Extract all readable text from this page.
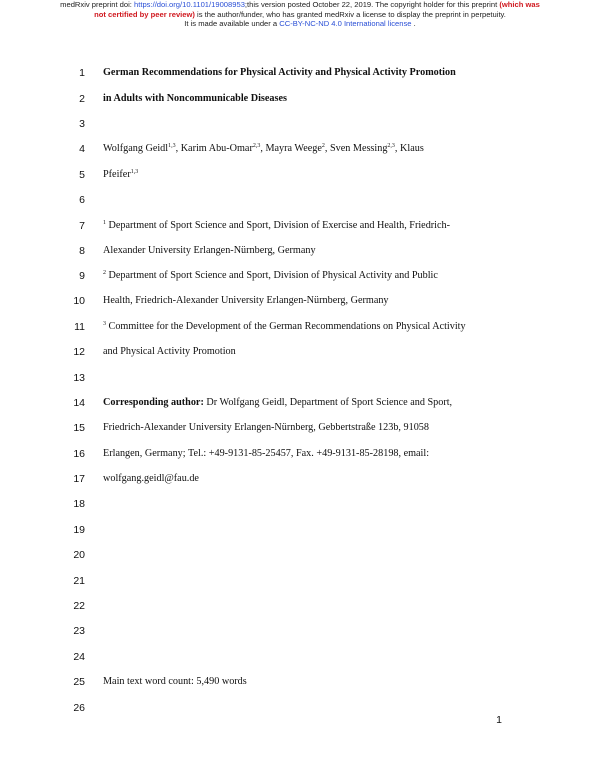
medRxiv preprint doi: https://doi.org/10.1101/19008953;this version posted October 22, 2019. The copyright holder for this preprint (which was
not certified by peer review) is the author/funder, who has granted medRxiv a license to display the preprint in perpetuity.
It is made available under a CC-BY-NC-ND 4.0 International license .
1 German Recommendations for Physical Activity and Physical Activity Promotion
2 in Adults with Noncommunicable Diseases
3
4 Wolfgang Geidl$^{1,3}$, Karim Abu-Omar$^{2,3}$, Mayra Weege$^2$, Sven Messing$^{2,3}$, Klaus
5 Pfeifer$^{1,3}$
6
7	$^1$ Department of Sport Science and Sport, Division of Exercise and Health, Friedrich-
8 Alexander University Erlangen-Nürnberg, Germany
9	$^2$ Department of Sport Science and Sport, Division of Physical Activity and Public
10 Health, Friedrich-Alexander University Erlangen-Nürnberg, Germany
11	$^3$ Committee for the Development of the German Recommendations on Physical Activity
12 and Physical Activity Promotion
13
14 Corresponding author: Dr Wolfgang Geidl, Department of Sport Science and Sport,
15 Friedrich-Alexander University Erlangen-Nürnberg, Gebbertstraße 123b, 91058
16 Erlangen, Germany; Tel.: +49-9131-85-25457, Fax. +49-9131-85-28198, email:
17 wolfgang.geidl@fau.de
18
19
20
21
22
23
24
25 Main text word count: 5,490 words
26
1
